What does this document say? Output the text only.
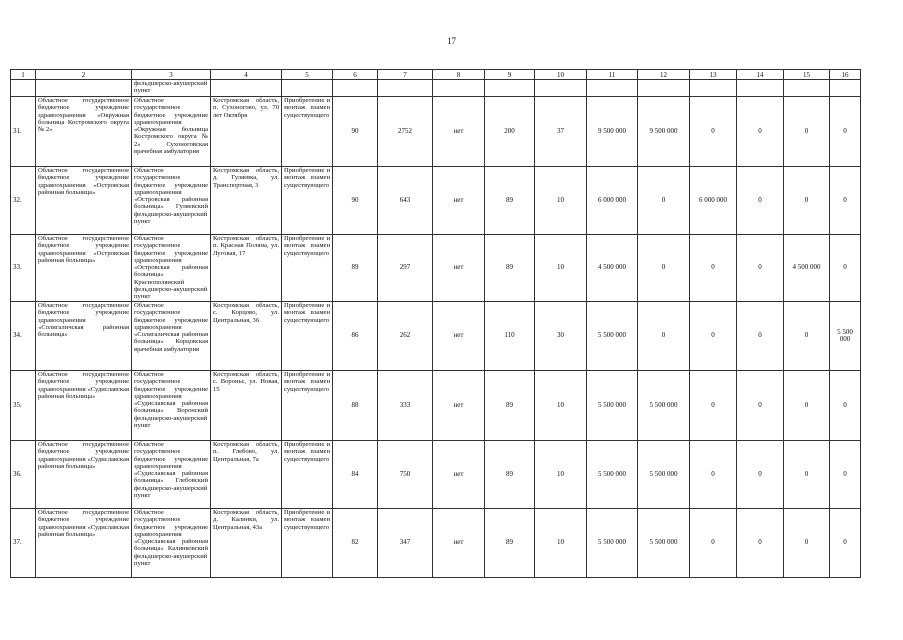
17
1	2	3	4	5	6	7	8	9	10	11	12	13	14	15	16
		фельдшерско-акушерский пункт													
31.	Областное государственное бюджетное учреждение здравоохранения «Окружная больница Костромского округа № 2»	Областное государственное бюджетное учреждение здравоохранения «Окружная больница Костромского округа № 2» Сухоноговская врачебная амбулатория	Костромская область, п. Сухоногово, ул. 70 лет Октября	Приобретение и монтаж взамен существующего	90	2752	нет	200	37	9 500 000	9 500 000	0	0	0	0
32.	Областное государственное бюджетное учреждение здравоохранения «Островская районная больница»	Областное государственное бюджетное учреждение здравоохранения «Островская районная больница» Гуляевский фельдшерско-акушерский пункт	Костромская область, д. Гуляевка, ул. Транспортная, 3	Приобретение и монтаж взамен существующего	90	643	нет	89	10	6 000 000	0	6 000 000	0	0	0
33.	Областное государственное бюджетное учреждение здравоохранения «Островская районная больница»	Областное государственное бюджетное учреждение здравоохранения «Островская районная больница» Краснополянский фельдшерско-акушерский пункт	Костромская область, п. Красная Поляна, ул. Луговая, 17	Приобретение и монтаж взамен существующего	89	297	нет	89	10	4 500 000	0	0	0	4 500 000	0
34.	Областное государственное бюджетное учреждение здравоохранения «Солигаличская районная больница»	Областное государственное бюджетное учреждение здравоохранения «Солигаличская районная больница» Корцовская врачебная амбулатория	Костромская область, с. Корцово, ул. Центральная, 36	Приобретение и монтаж взамен существующего	86	262	нет	110	30	5 500 000	0	0	0	0	5 500 000
35.	Областное государственное бюджетное учреждение здравоохранения «Судиславская районная больница»	Областное государственное бюджетное учреждение здравоохранения «Судиславская районная больница» Воронский фельдшерско-акушерский пункт	Костромская область, с. Вороньє, ул. Новая, 15	Приобретение и монтаж взамен существующего	88	333	нет	89	10	5 500 000	5 500 000	0	0	0	0
36.	Областное государственное бюджетное учреждение здравоохранения «Судиславская районная больница»	Областное государственное бюджетное учреждение здравоохранения «Судиславская районная больница» Глебовский фельдшерско-акушерский пункт	Костромская область, п. Глебово, ул. Центральная, 7а	Приобретение и монтаж взамен существующего	84	750	нет	89	10	5 500 000	5 500 000	0	0	0	0
37.	Областное государственное бюджетное учреждение здравоохранения «Судиславская районная больница»	Областное государственное бюджетное учреждение здравоохранения «Судиславская районная больница» Калинковский фельдшерско-акушерский пункт	Костромская область, д. Калинки, ул. Центральная, 43а	Приобретение и монтаж взамен существующего	82	347	нет	89	10	5 500 000	5 500 000	0	0	0	0
